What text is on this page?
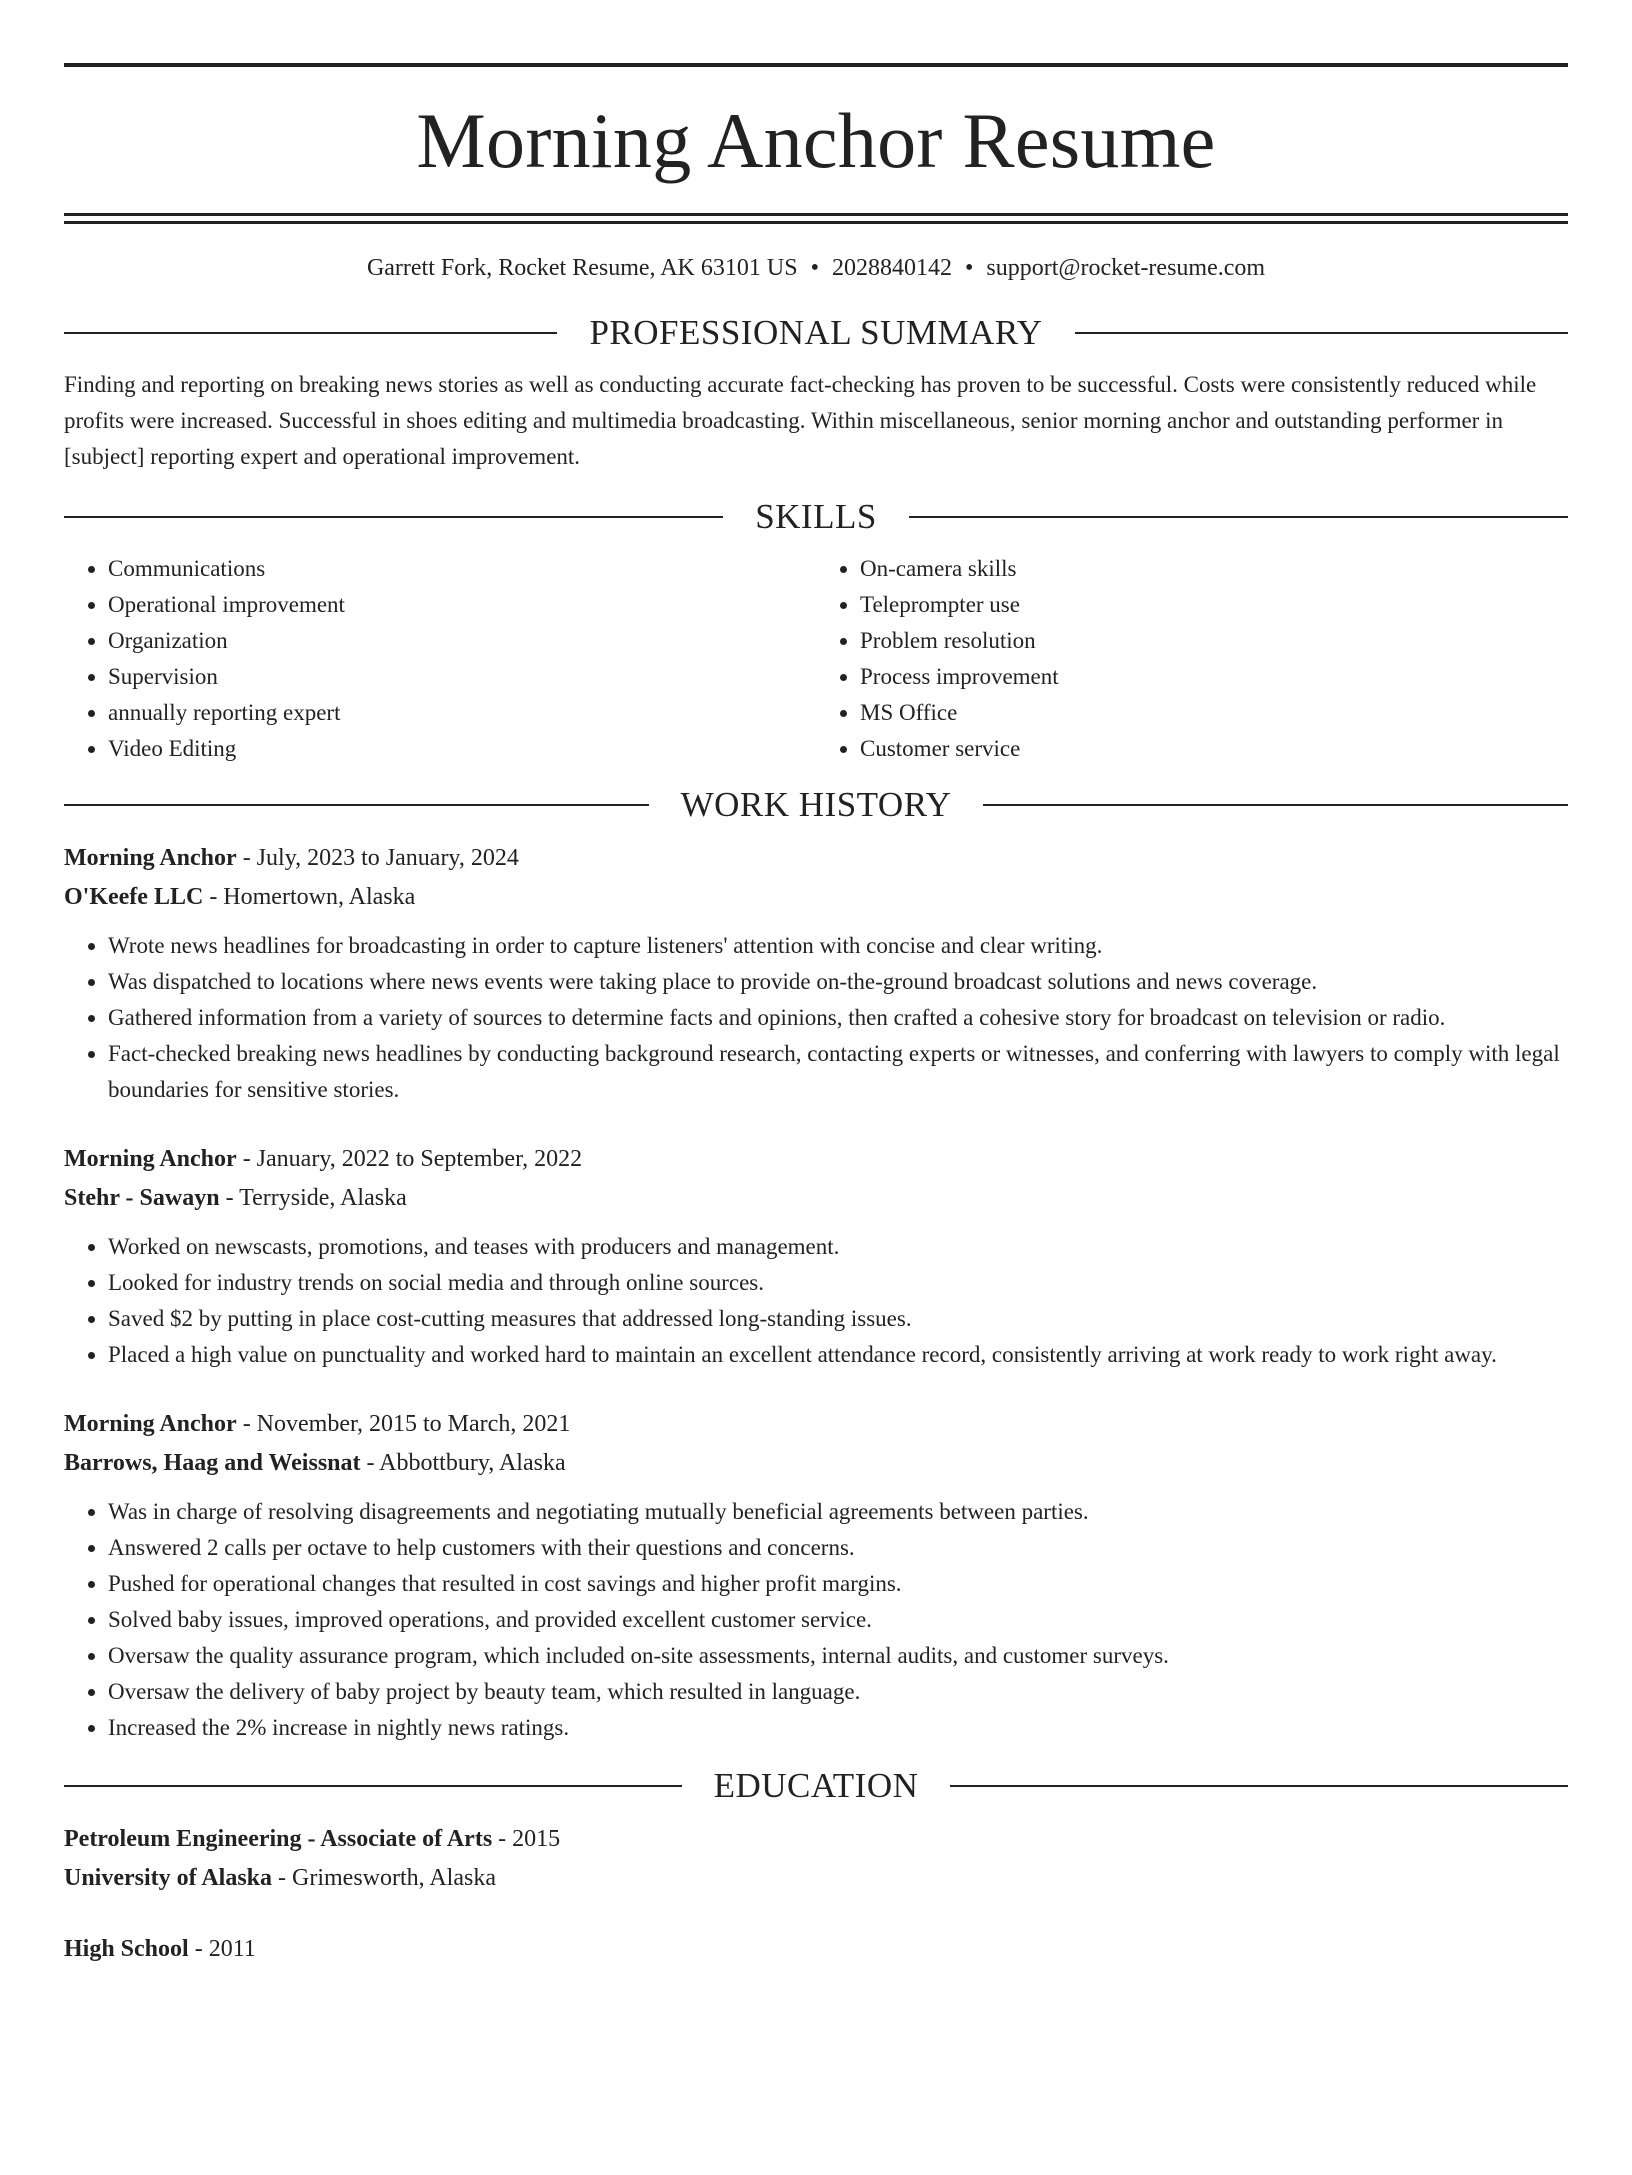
Morning Anchor Resume
Garrett Fork, Rocket Resume, AK 63101 US • 2028840142 • support@rocket-resume.com
PROFESSIONAL SUMMARY

Finding and reporting on breaking news stories as well as conducting accurate fact-checking has proven to be successful. Costs were consistently reduced while profits were increased. Successful in shoes editing and multimedia broadcasting. Within miscellaneous, senior morning anchor and outstanding performer in [subject] reporting expert and operational improvement.

SKILLS
• Communications
• Operational improvement
• Organization
• Supervision
• annually reporting expert
• Video Editing
• On-camera skills
• Teleprompter use
• Problem resolution
• Process improvement
• MS Office
• Customer service
WORK HISTORY
Morning Anchor - July, 2023 to January, 2024
O'Keefe LLC - Homertown, Alaska
• Wrote news headlines for broadcasting in order to capture listeners' attention with concise and clear writing.
• Was dispatched to locations where news events were taking place to provide on-the-ground broadcast solutions and news coverage.
• Gathered information from a variety of sources to determine facts and opinions, then crafted a cohesive story for broadcast on television or radio.
• Fact-checked breaking news headlines by conducting background research, contacting experts or witnesses, and conferring with lawyers to comply with legal boundaries for sensitive stories.
Morning Anchor - January, 2022 to September, 2022
Stehr - Sawayn - Terryside, Alaska
• Worked on newscasts, promotions, and teases with producers and management.
• Looked for industry trends on social media and through online sources.
• Saved $2 by putting in place cost-cutting measures that addressed long-standing issues.
• Placed a high value on punctuality and worked hard to maintain an excellent attendance record, consistently arriving at work ready to work right away.
Morning Anchor - November, 2015 to March, 2021
Barrows, Haag and Weissnat - Abbottbury, Alaska
• Was in charge of resolving disagreements and negotiating mutually beneficial agreements between parties.
• Answered 2 calls per octave to help customers with their questions and concerns.
• Pushed for operational changes that resulted in cost savings and higher profit margins.
• Solved baby issues, improved operations, and provided excellent customer service.
• Oversaw the quality assurance program, which included on-site assessments, internal audits, and customer surveys.
• Oversaw the delivery of baby project by beauty team, which resulted in language.
• Increased the 2% increase in nightly news ratings.
EDUCATION
Petroleum Engineering - Associate of Arts - 2015
University of Alaska - Grimesworth, Alaska
High School - 2011
